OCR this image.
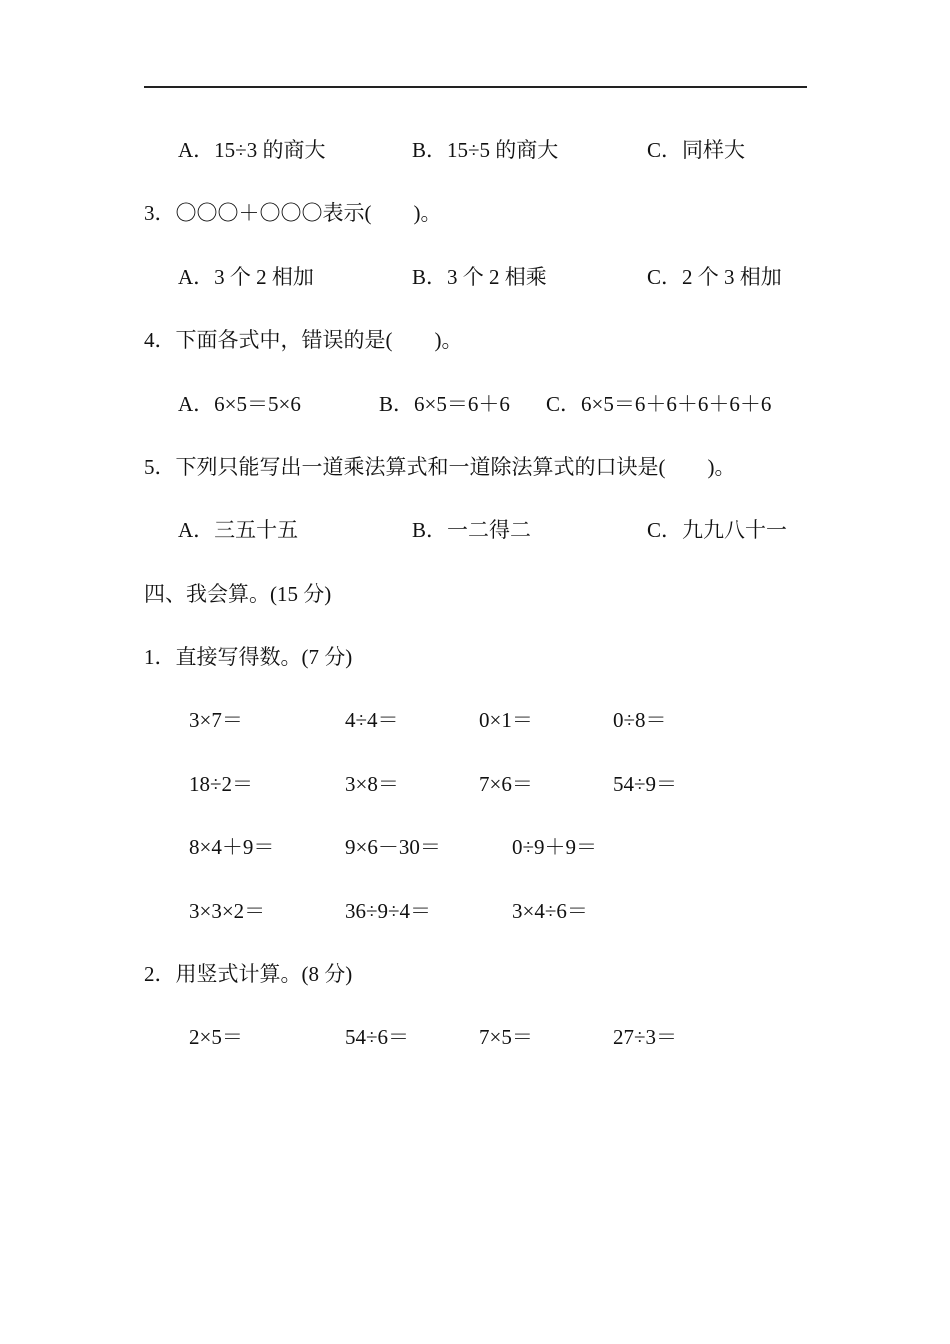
A．15÷3 的商大	B．15÷5 的商大	C．同样大
3．〇〇〇＋〇〇〇表示(　　)。
A．3 个 2 相加	B．3 个 2 相乘	C．2 个 3 相加
4．下面各式中，错误的是(　　)。
A．6×5＝5×6	B．6×5＝6＋6 C．6×5＝6＋6＋6＋6＋6
5．下列只能写出一道乘法算式和一道除法算式的口诀是(　　)。
A．三五十五	B．一二得二	C．九九八十一
四、我会算。(15 分)
1．直接写得数。(7 分)
3×7＝	4÷4＝	0×1＝	0÷8＝
18÷2＝	3×8＝	7×6＝	54÷9＝
8×4＋9＝	9×6－30＝	0÷9＋9＝
3×3×2＝	36÷9÷4＝	3×4÷6＝
2．用竖式计算。(8 分)
2×5＝	54÷6＝	7×5＝	27÷3＝
